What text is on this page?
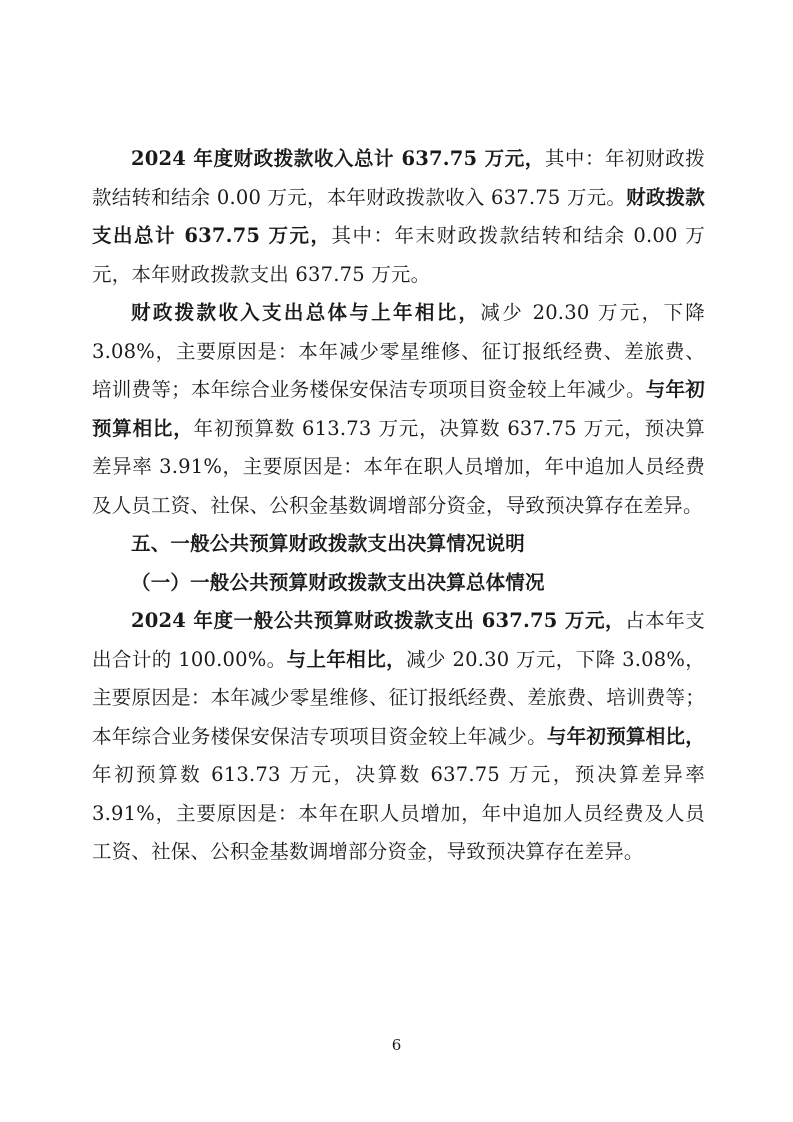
2024 年度财政拨款收入总计 637.75 万元，其中：年初财政拨款结转和结余 0.00 万元，本年财政拨款收入 637.75 万元。财政拨款支出总计 637.75 万元，其中：年末财政拨款结转和结余 0.00 万元，本年财政拨款支出 637.75 万元。

财政拨款收入支出总体与上年相比，减少 20.30 万元，下降 3.08%，主要原因是：本年减少零星维修、征订报纸经费、差旅费、培训费等；本年综合业务楼保安保洁专项项目资金较上年减少。与年初预算相比，年初预算数 613.73 万元，决算数 637.75 万元，预决算差异率 3.91%，主要原因是：本年在职人员增加，年中追加人员经费及人员工资、社保、公积金基数调增部分资金，导致预决算存在差异。

五、一般公共预算财政拨款支出决算情况说明

（一）一般公共预算财政拨款支出决算总体情况

2024 年度一般公共预算财政拨款支出 637.75 万元，占本年支出合计的 100.00%。与上年相比，减少 20.30 万元，下降 3.08%，主要原因是：本年减少零星维修、征订报纸经费、差旅费、培训费等；本年综合业务楼保安保洁专项项目资金较上年减少。与年初预算相比，年初预算数 613.73 万元，决算数 637.75 万元，预决算差异率 3.91%，主要原因是：本年在职人员增加，年中追加人员经费及人员工资、社保、公积金基数调增部分资金，导致预决算存在差异。

6
